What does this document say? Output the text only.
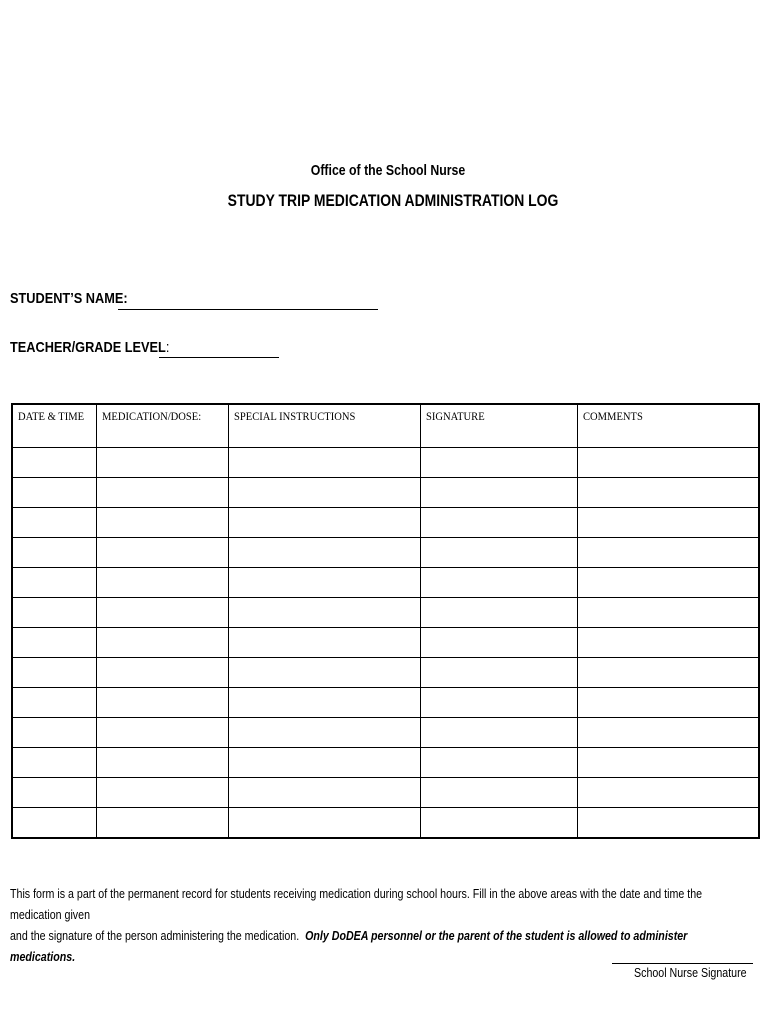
Office of the School Nurse
STUDY TRIP MEDICATION ADMINISTRATION LOG
STUDENT’S NAME:
TEACHER/GRADE LEVEL:
DATE & TIME	MEDICATION/DOSE:	SPECIAL INSTRUCTIONS	SIGNATURE	COMMENTS

This form is a part of the permanent record for students receiving medication during school hours. Fill in the above areas with the date and time the medication given
and the signature of the person administering the medication.  Only DoDEA personnel or the parent of the student is allowed to administer medications.
School Nurse Signature
